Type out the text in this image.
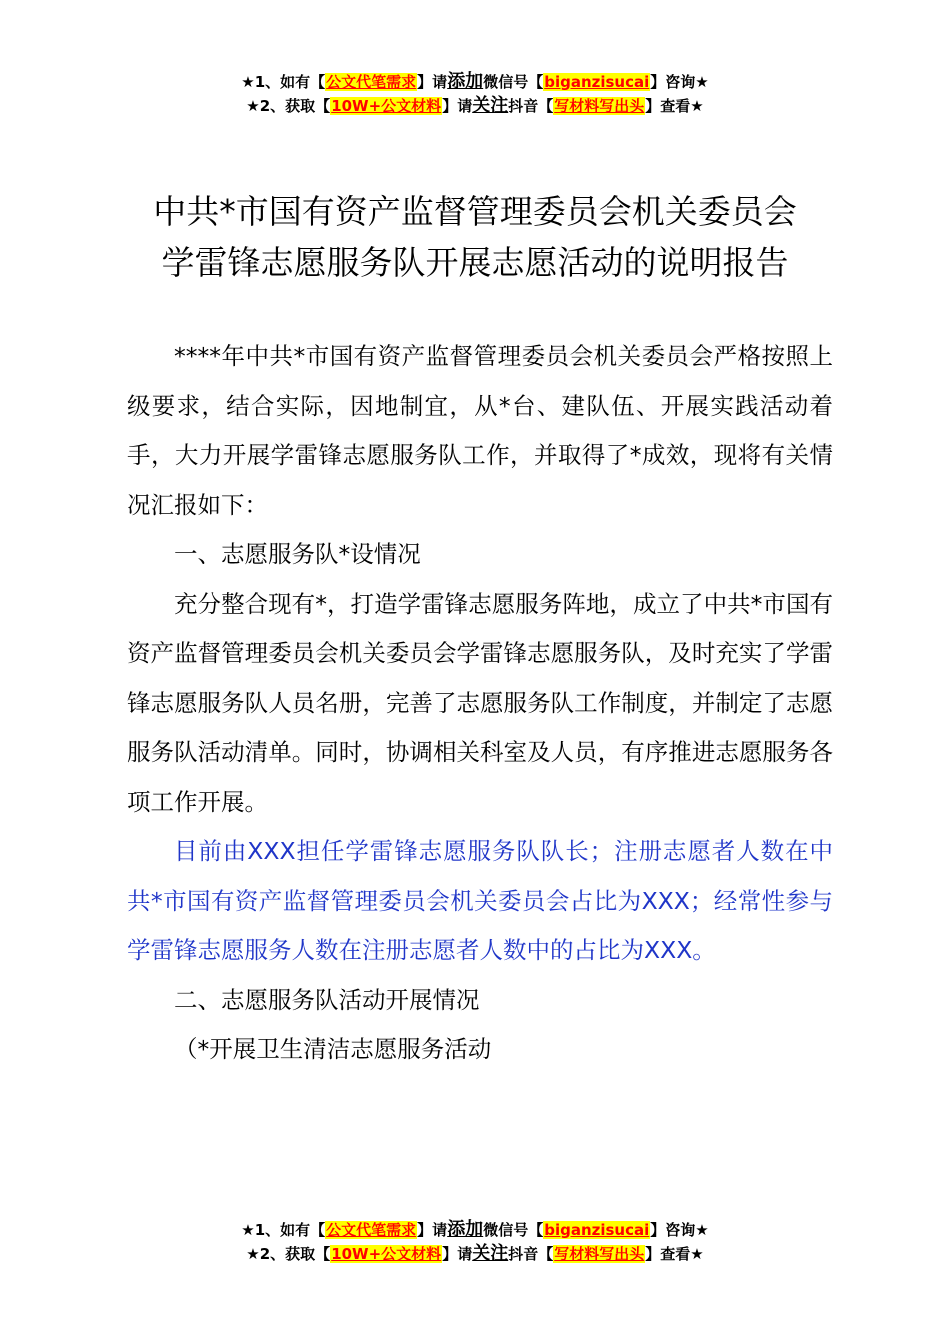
★1、如有【公文代笔需求】请添加微信号【biganzisucai】咨询★
★2、获取【10W+公文材料】请关注抖音【写材料写出头】查看★
中共*市国有资产监督管理委员会机关委员会
学雷锋志愿服务队开展志愿活动的说明报告

****年中共*市国有资产监督管理委员会机关委员会严格按照上级要求，结合实际，因地制宜，从*台、建队伍、开展实践活动着手，大力开展学雷锋志愿服务队工作，并取得了*成效，现将有关情况汇报如下：

一、志愿服务队*设情况

充分整合现有*，打造学雷锋志愿服务阵地，成立了中共*市国有资产监督管理委员会机关委员会学雷锋志愿服务队，及时充实了学雷锋志愿服务队人员名册，完善了志愿服务队工作制度，并制定了志愿服务队活动清单。同时，协调相关科室及人员，有序推进志愿服务各项工作开展。

目前由XXX担任学雷锋志愿服务队队长；注册志愿者人数在中共*市国有资产监督管理委员会机关委员会占比为XXX；经常性参与学雷锋志愿服务人数在注册志愿者人数中的占比为XXX。

二、志愿服务队活动开展情况

（*开展卫生清洁志愿服务活动

★1、如有【公文代笔需求】请添加微信号【biganzisucai】咨询★
★2、获取【10W+公文材料】请关注抖音【写材料写出头】查看★
